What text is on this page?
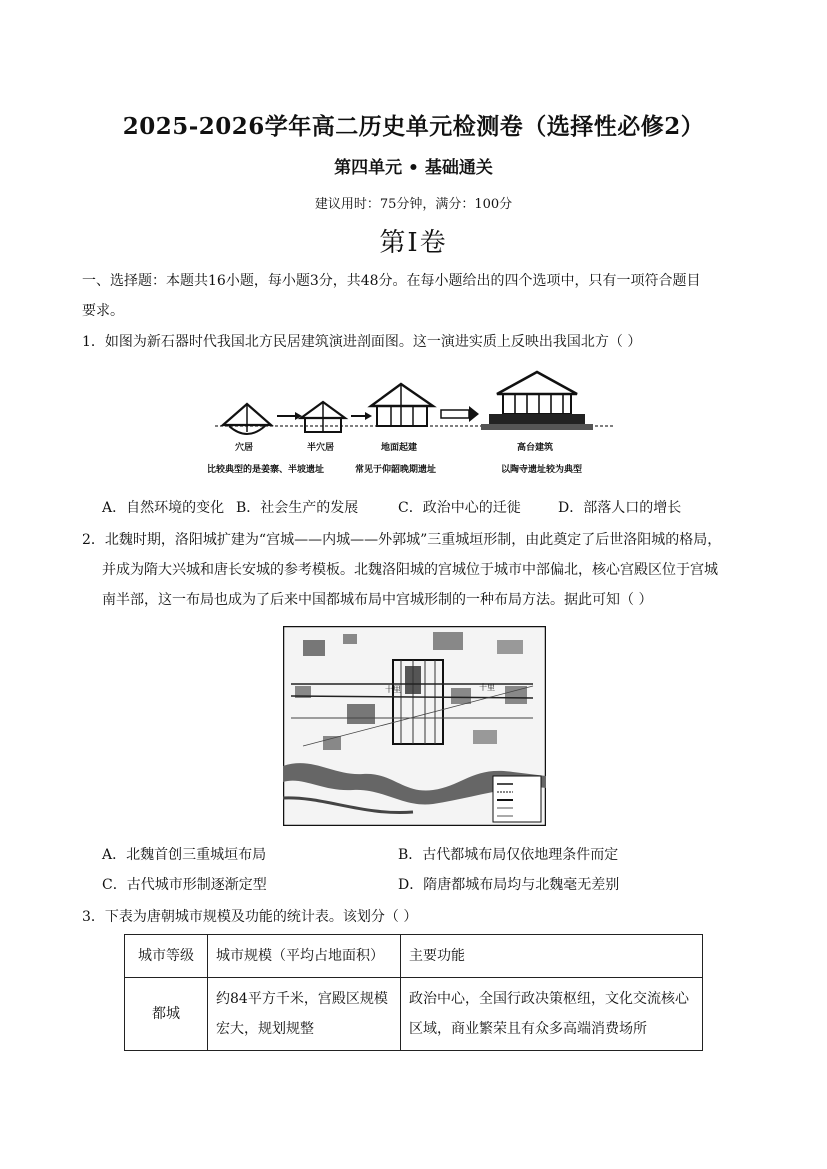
2025-2026学年高二历史单元检测卷（选择性必修2）
第四单元 • 基础通关
建议用时：75分钟，满分：100分
第Ⅰ卷
一、选择题：本题共16小题，每小题3分，共48分。在每小题给出的四个选项中，只有一项符合题目
要求。
1．如图为新石器时代我国北方民居建筑演进剖面图。这一演进实质上反映出我国北方（ ）
穴居	半穴居	地面起建	高台建筑
比较典型的是姜寨、半坡遗址	常见于仰韶晚期遗址	以陶寺遗址较为典型
A．自然环境的变化 B．社会生产的发展	C．政治中心的迁徙	D．部落人口的增长
2．北魏时期，洛阳城扩建为“宫城——内城——外郭城”三重城垣形制，由此奠定了后世洛阳城的格局，
并成为隋大兴城和唐长安城的参考模板。北魏洛阳城的宫城位于城市中部偏北，核心宫殿区位于宫城
南半部，这一布局也成为了后来中国都城布局中宫城形制的一种布局方法。据此可知（ ）
十里	十里
A．北魏首创三重城垣布局	B．古代都城布局仅依地理条件而定
C．古代城市形制逐渐定型	D．隋唐都城布局均与北魏毫无差别
3．下表为唐朝城市规模及功能的统计表。该划分（ ）
城市等级	城市规模（平均占地面积）	主要功能
都城	约84平方千米，宫殿区规模宏大，规划规整	政治中心，全国行政决策枢纽，文化交流核心区域，商业繁荣且有众多高端消费场所
